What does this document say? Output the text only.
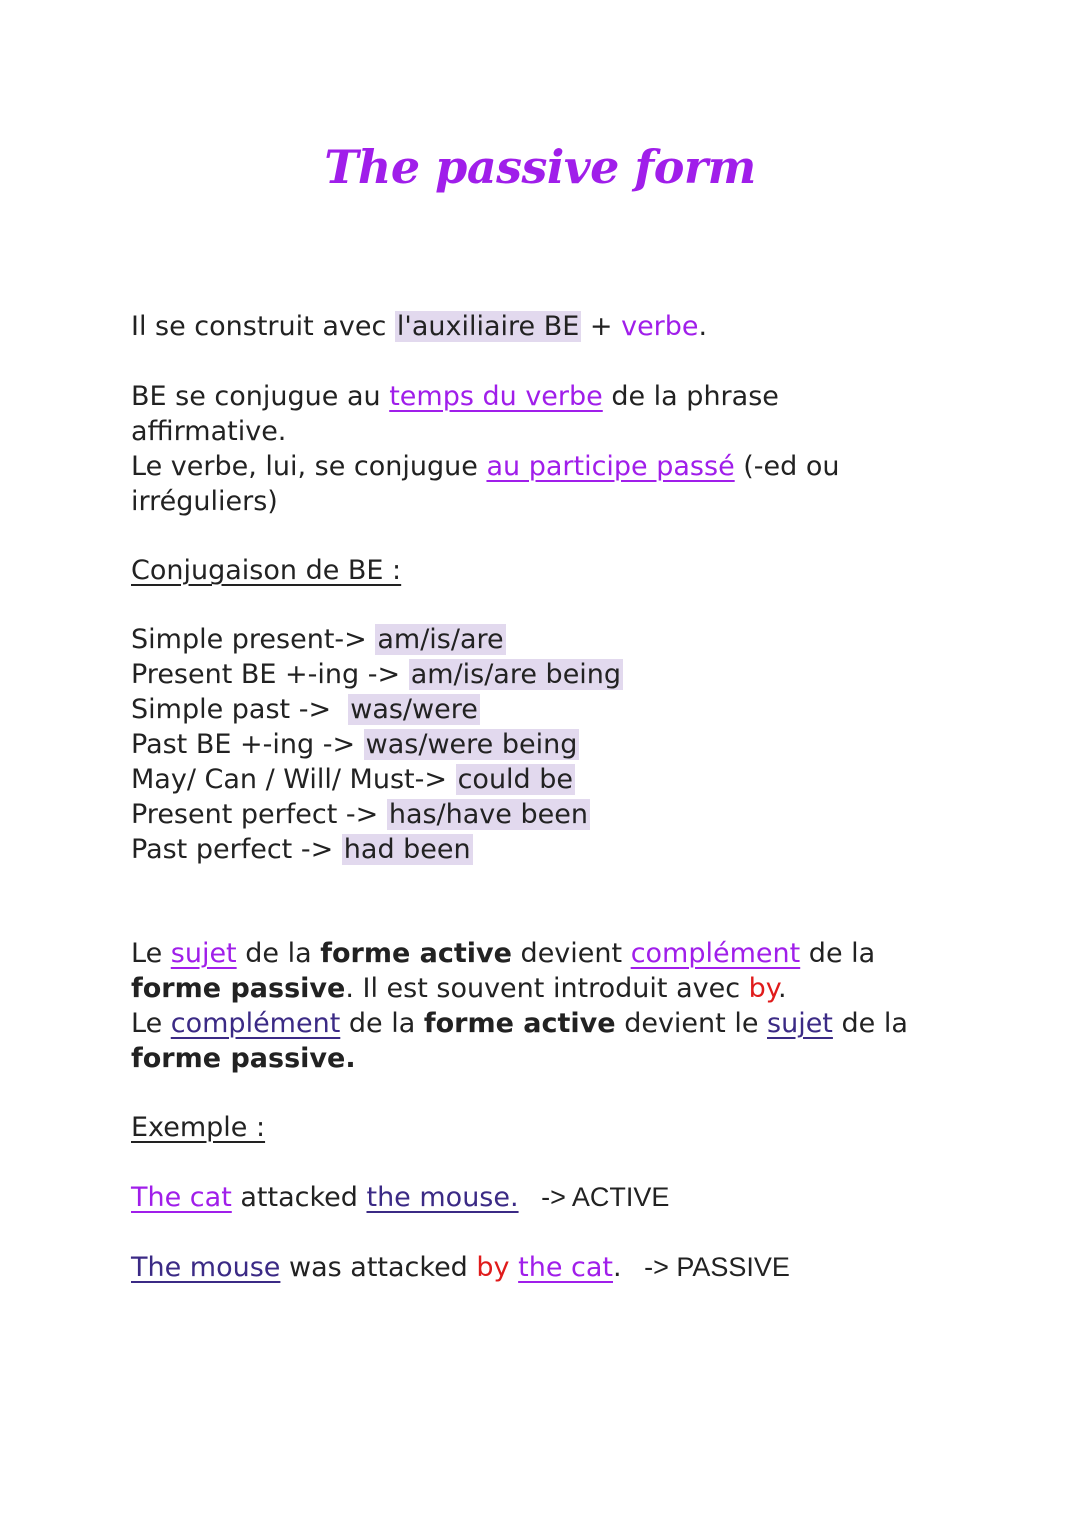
The passive form
Il se construit avec l'auxiliaire BE + verbe.
BE se conjugue au temps du verbe de la phrase
affirmative.
Le verbe, lui, se conjugue au participe passé (-ed ou
irréguliers)
Conjugaison de BE :
Simple present-> am/is/are
Present BE +-ing -> am/is/are being
Simple past ->  was/were
Past BE +-ing -> was/were being
May/ Can / Will/ Must-> could be
Present perfect -> has/have been
Past perfect -> had been
Le sujet de la forme active devient complément de la
forme passive. Il est souvent introduit avec by.
Le complément de la forme active devient le sujet de la
forme passive.
Exemple :
The cat attacked the mouse.   -> ACTIVE
The mouse was attacked by the cat.   -> PASSIVE
